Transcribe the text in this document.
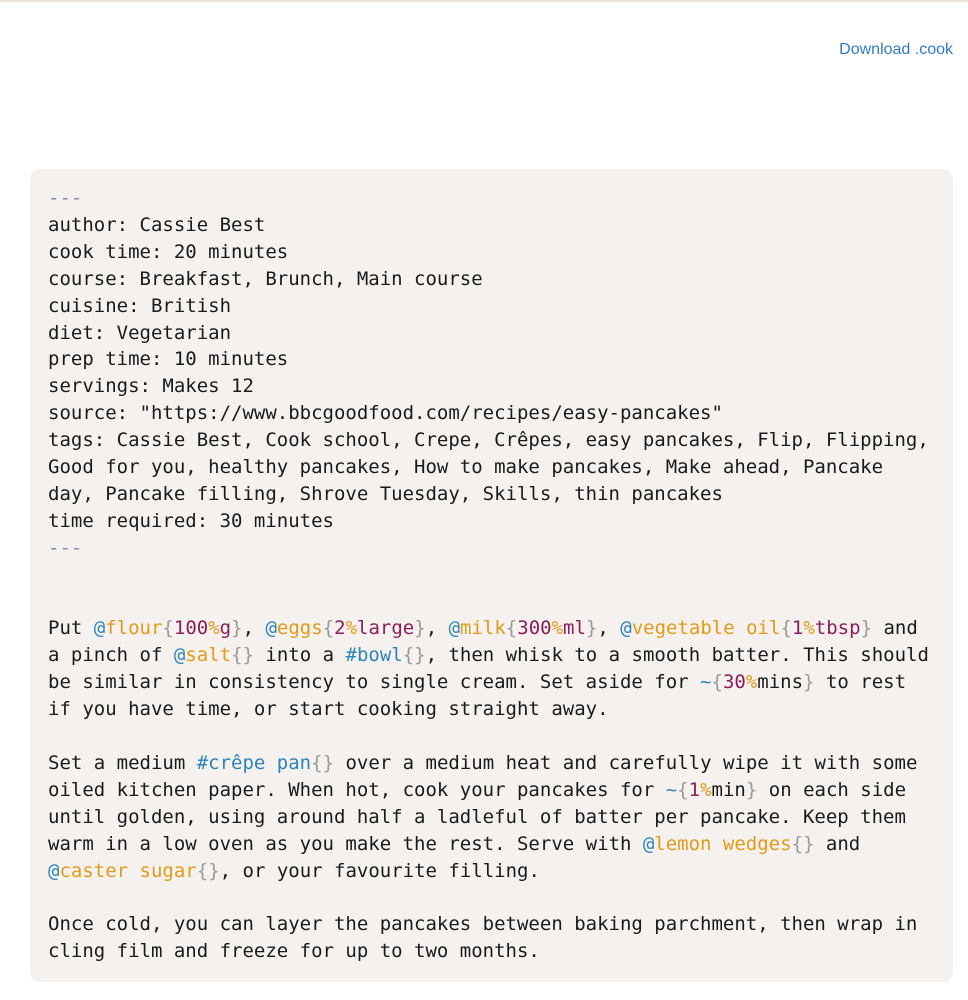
Download .cook
---
author: Cassie Best
cook time: 20 minutes
course: Breakfast, Brunch, Main course
cuisine: British
diet: Vegetarian
prep time: 10 minutes
servings: Makes 12
source: "https://www.bbcgoodfood.com/recipes/easy-pancakes"
tags: Cassie Best, Cook school, Crepe, Crêpes, easy pancakes, Flip, Flipping, Good for you, healthy pancakes, How to make pancakes, Make ahead, Pancake day, Pancake filling, Shrove Tuesday, Skills, thin pancakes
time required: 30 minutes
---
Put @flour{100%g}, @eggs{2%large}, @milk{300%ml}, @vegetable oil{1%tbsp} and a pinch of @salt{} into a #bowl{}, then whisk to a smooth batter. This should be similar in consistency to single cream. Set aside for ~{30%mins} to rest if you have time, or start cooking straight away.
Set a medium #crêpe pan{} over a medium heat and carefully wipe it with some oiled kitchen paper. When hot, cook your pancakes for ~{1%min} on each side until golden, using around half a ladleful of batter per pancake. Keep them warm in a low oven as you make the rest. Serve with @lemon wedges{} and @caster sugar{}, or your favourite filling.
Once cold, you can layer the pancakes between baking parchment, then wrap in cling film and freeze for up to two months.
